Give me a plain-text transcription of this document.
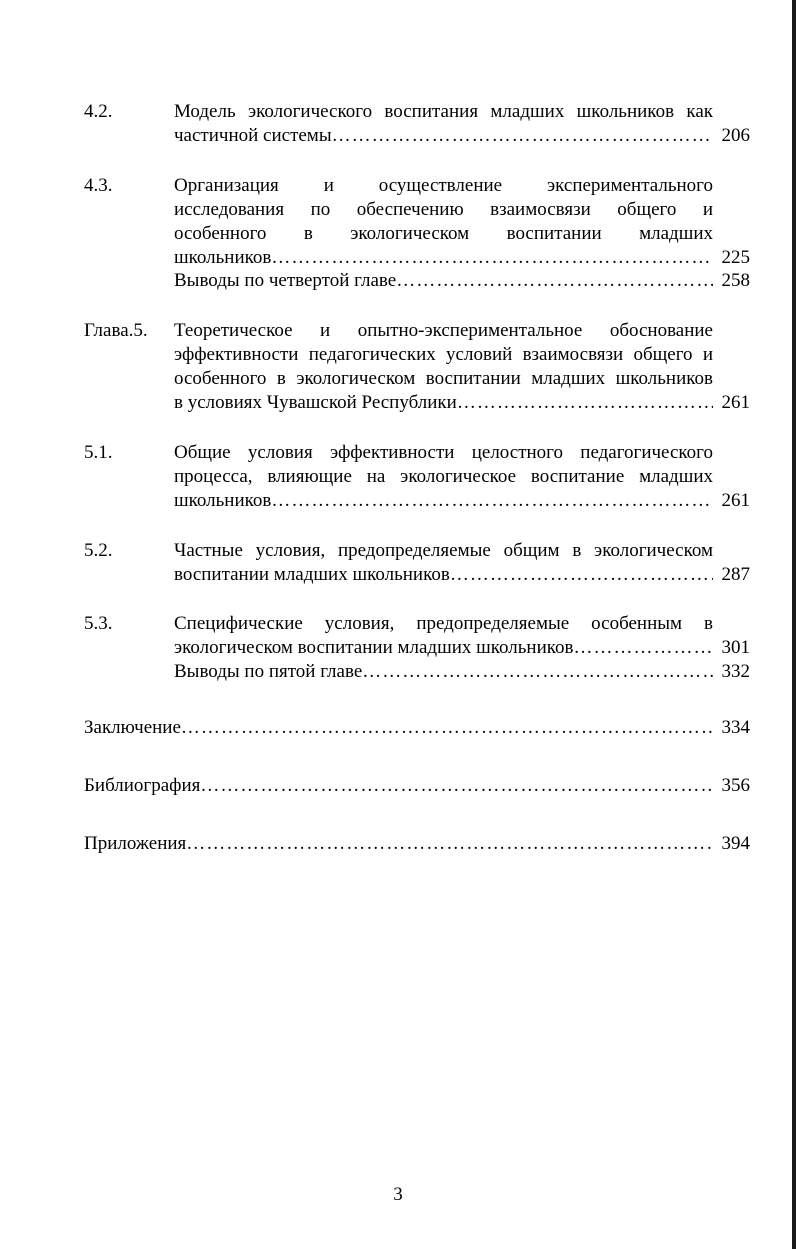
4.2.	Модель экологического воспитания младших школьников как
частичной системы ……………………………………………………………………………………………………………………………………………………	206
4.3.	Организация и осуществление экспериментального
исследования по обеспечению взаимосвязи общего и
особенного в экологическом воспитании младших
школьников ……………………………………………………………………………………………………………………………………………………	225
Выводы по четвертой главе ……………………………………………………………………………………………………………………………………………………	258
Глава.5. Теоретическое и опытно-экспериментальное обоснование
эффективности педагогических условий взаимосвязи общего и
особенного в экологическом воспитании младших школьников
в условиях Чувашской Республики ……………………………………………………………………………………………………………………………………………………	261
5.1.	Общие условия эффективности целостного педагогического
процесса, влияющие на экологическое воспитание младших
школьников ……………………………………………………………………………………………………………………………………………………	261
5.2.	Частные условия, предопределяемые общим в экологическом
воспитании младших школьников ……………………………………………………………………………………………………………………………………………………	287
5.3.	Специфические условия, предопределяемые особенным в
экологическом воспитании младших школьников ……………………………………………………………………………………………………………………………………………………	301
Выводы по пятой главе ……………………………………………………………………………………………………………………………………………………	332
Заключение ……………………………………………………………………………………………………………………………………………………	334
Библиография ……………………………………………………………………………………………………………………………………………………	356
Приложения ……………………………………………………………………………………………………………………………………………………	394
3
